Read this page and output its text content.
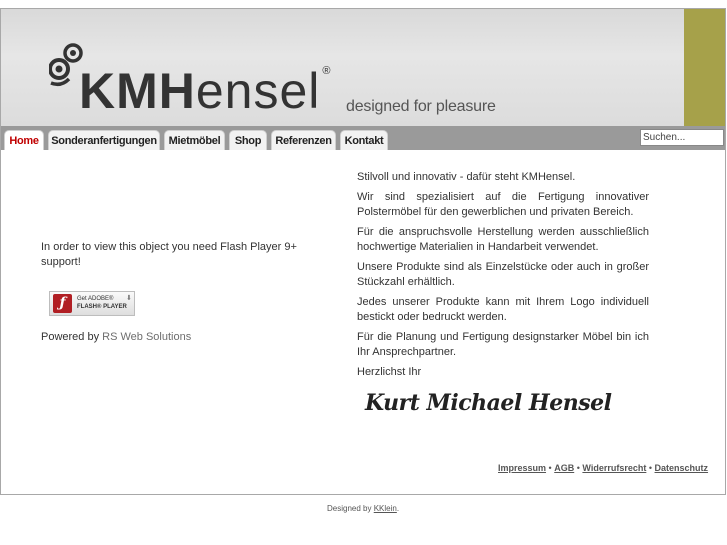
KMHensel ®
designed for pleasure
Home	Sonderanfertigungen	Mietmöbel	Shop	Referenzen	Kontakt
Suchen...
In order to view this object you need Flash Player 9+ support!
ƒ	Get ADOBE®
FLASH® PLAYER
⬇
Powered by RS Web Solutions

Stilvoll und innovativ - dafür steht KMHensel.

Wir sind spezialisiert auf die Fertigung innovativer Polstermöbel für den gewerblichen und privaten Bereich.

Für die anspruchsvolle Herstellung werden ausschließlich hochwertige Materialien in Handarbeit verwendet.

Unsere Produkte sind als Einzelstücke oder auch in großer Stückzahl erhältlich.

Jedes unserer Produkte kann mit Ihrem Logo individuell bestickt oder bedruckt werden.

Für die Planung und Fertigung designstarker Möbel bin ich Ihr Ansprechpartner.

Herzlichst Ihr

Kurt Michael Hensel
Impressum • AGB • Widerrufsrecht • Datenschutz
Designed by KKlein.
